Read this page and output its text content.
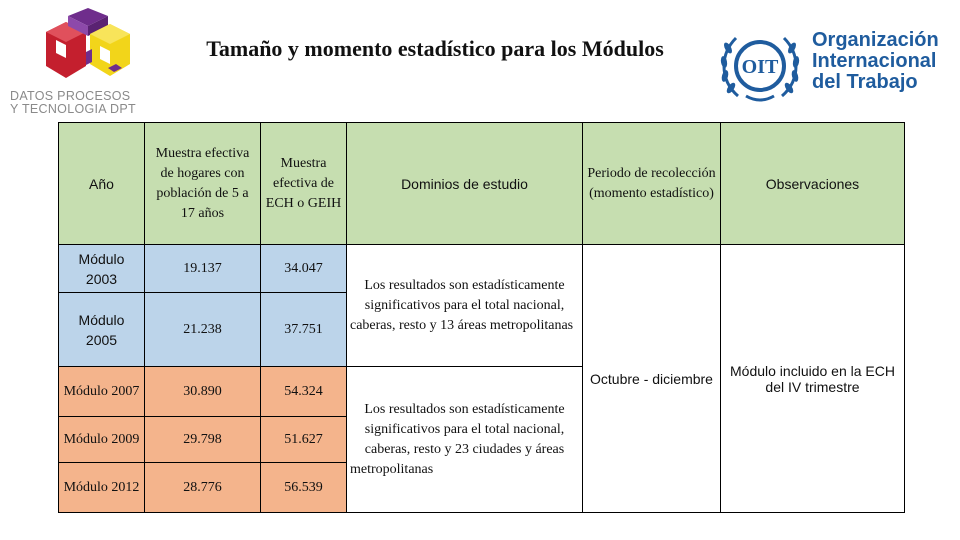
DATOS PROCESOS
Y TECNOLOGIA DPT
Tamaño y momento estadístico para los Módulos
OIT
Organización
Internacional
del Trabajo
Año	Muestra efectiva de hogares con población de 5 a 17 años	Muestra efectiva de ECH o GEIH	Dominios de estudio	Periodo de recolección (momento estadístico)	Observaciones
Módulo 2003	19.137	34.047	Los resultados son estadísticamente significativos para el total nacional, caberas, resto y 13 áreas metropolitanas	Octubre - diciembre	Módulo incluido en la ECH del IV trimestre
Módulo 2005	21.238	37.751			
Módulo 2007	30.890	54.324	Los resultados son estadísticamente significativos para el total nacional, caberas, resto y 23 ciudades y áreas metropolitanas		
Módulo 2009	29.798	51.627			
Módulo 2012	28.776	56.539			
